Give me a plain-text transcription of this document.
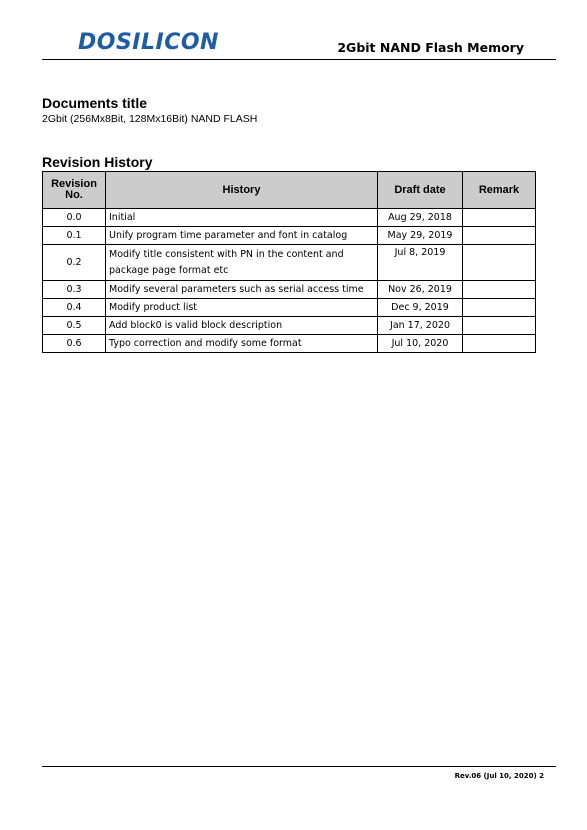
DOSILICON	2Gbit NAND Flash Memory
Documents title
2Gbit (256Mx8Bit, 128Mx16Bit) NAND FLASH
Revision History
Revision No.	History	Draft date	Remark
0.0	Initial	Aug 29, 2018	
0.1	Unify program time parameter and font in catalog	May 29, 2019	
0.2	Modify title consistent with PN in the content and package page format etc	Jul 8, 2019	
0.3	Modify several parameters such as serial access time	Nov 26, 2019	
0.4	Modify product list	Dec 9, 2019	
0.5	Add block0 is valid block description	Jan 17, 2020	
0.6	Typo correction and modify some format	Jul 10, 2020	
Rev.06 (Jul 10, 2020) 2
